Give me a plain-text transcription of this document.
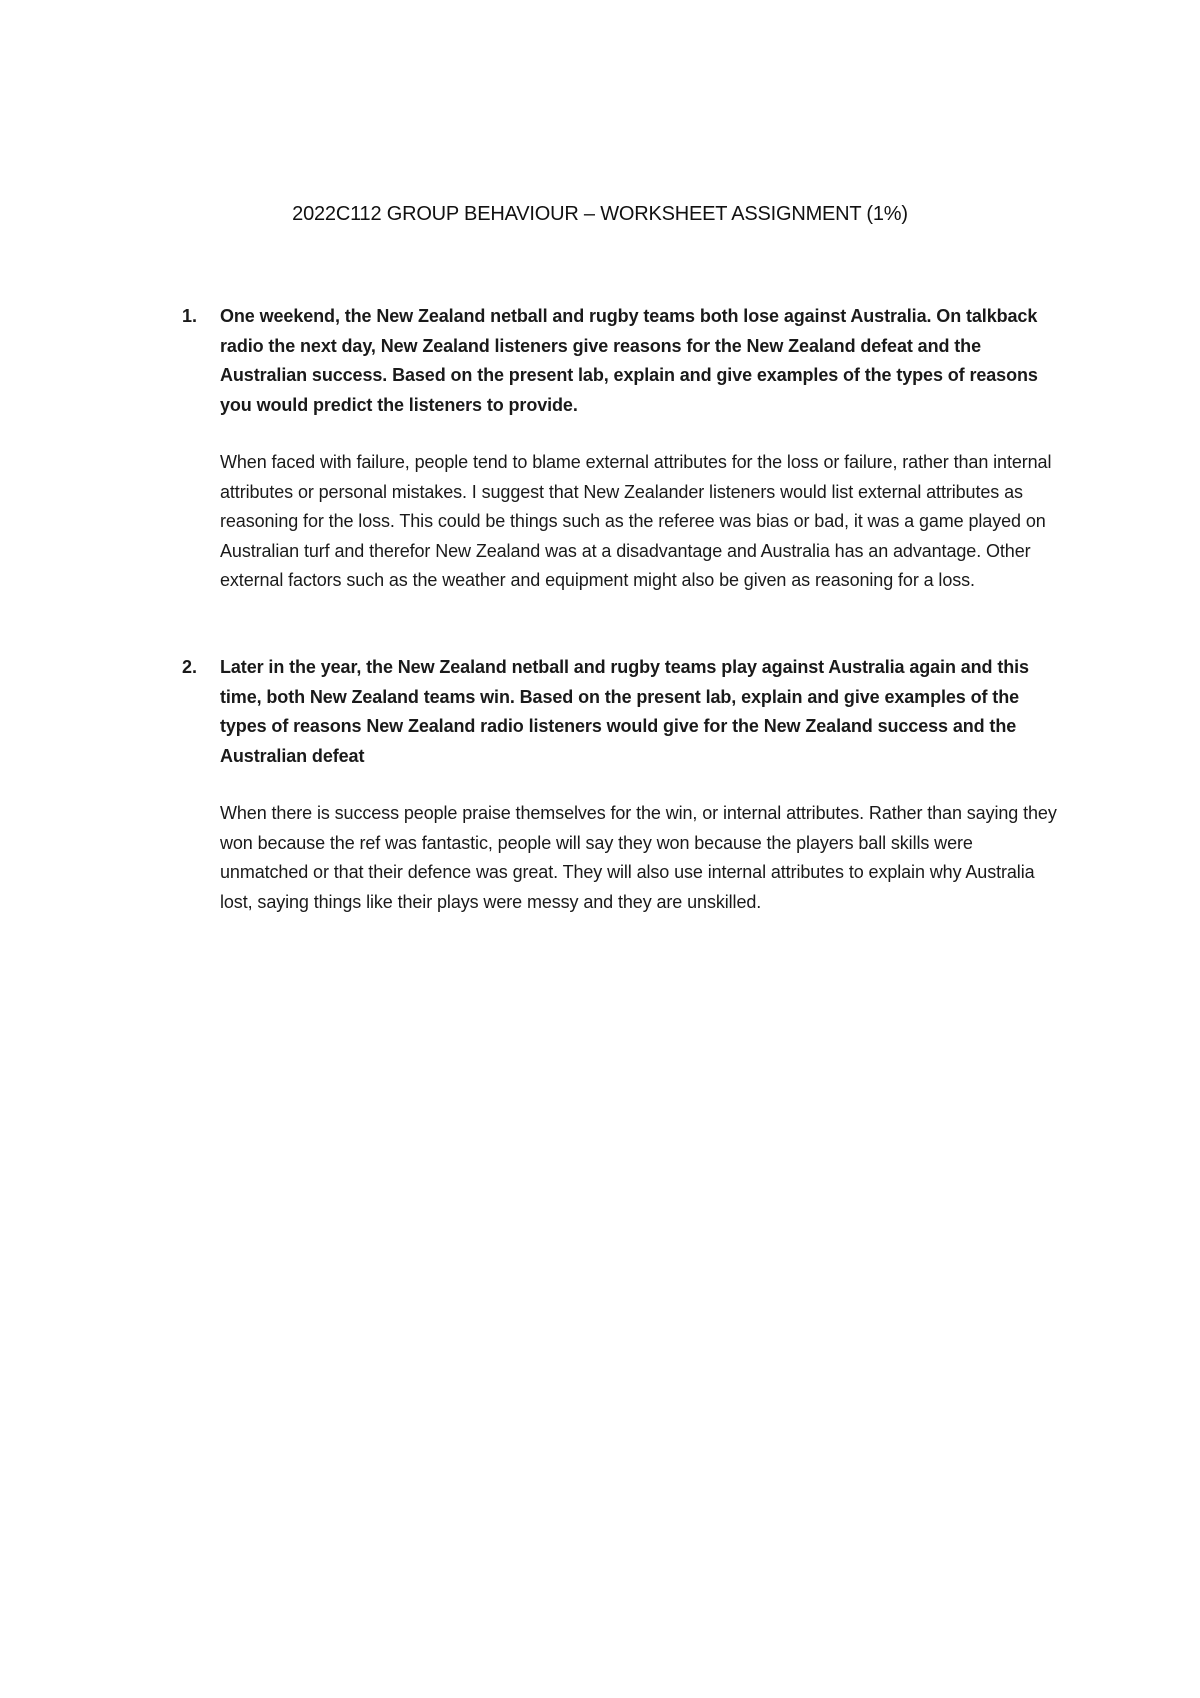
2022C112 GROUP BEHAVIOUR – WORKSHEET ASSIGNMENT (1%)
1. One weekend, the New Zealand netball and rugby teams both lose against Australia. On talkback radio the next day, New Zealand listeners give reasons for the New Zealand defeat and the Australian success. Based on the present lab, explain and give examples of the types of reasons you would predict the listeners to provide.
When faced with failure, people tend to blame external attributes for the loss or failure, rather than internal attributes or personal mistakes. I suggest that New Zealander listeners would list external attributes as reasoning for the loss. This could be things such as the referee was bias or bad, it was a game played on Australian turf and therefor New Zealand was at a disadvantage and Australia has an advantage. Other external factors such as the weather and equipment might also be given as reasoning for a loss.
2. Later in the year, the New Zealand netball and rugby teams play against Australia again and this time, both New Zealand teams win. Based on the present lab, explain and give examples of the types of reasons New Zealand radio listeners would give for the New Zealand success and the Australian defeat
When there is success people praise themselves for the win, or internal attributes. Rather than saying they won because the ref was fantastic, people will say they won because the players ball skills were unmatched or that their defence was great. They will also use internal attributes to explain why Australia lost, saying things like their plays were messy and they are unskilled.
